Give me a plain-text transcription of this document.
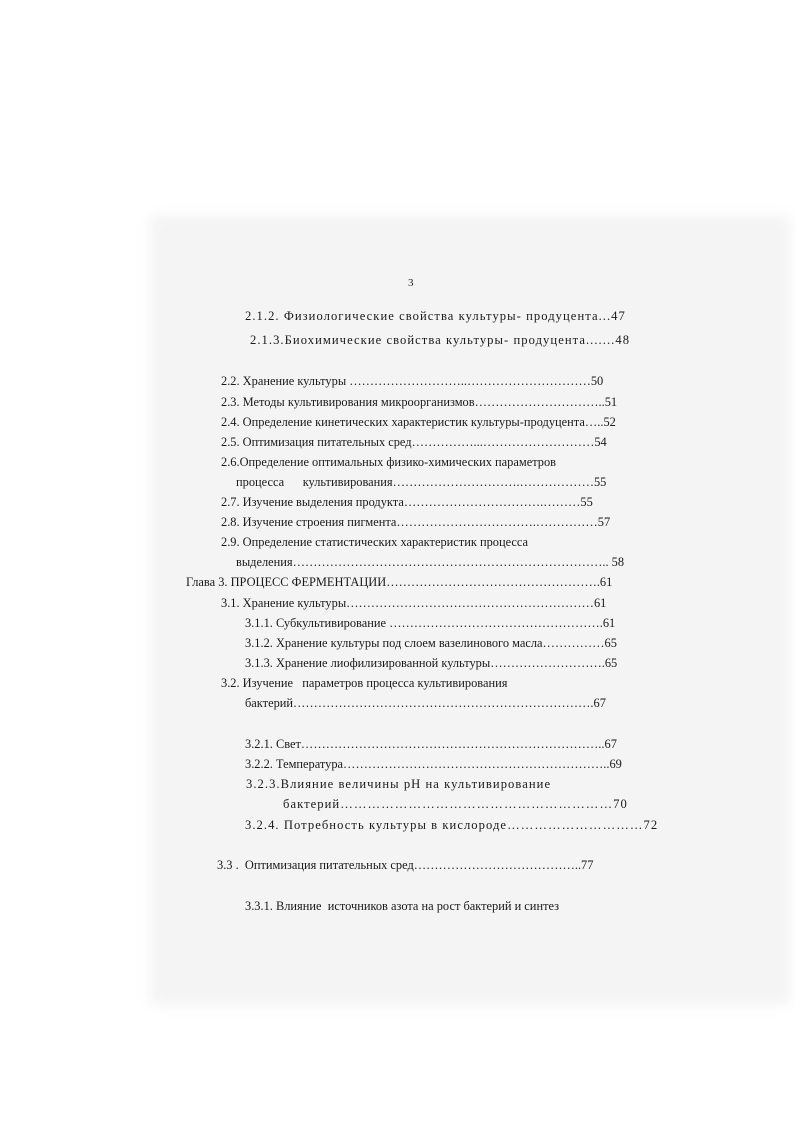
3
2.1.2. Физиологические свойства культуры- продуцента...47
2.1.3.Биохимические свойства культуры- продуцента.......48
2.2. Хранение культуры ………………………..…………………………50
2.3. Методы культивирования микроорганизмов…………………………..51
2.4. Определение кинетических характеристик культуры-продуцента…..52
2.5. Оптимизация питательных сред……………...………………………54
2.6.Определение оптимальных физико-химических параметров
процесса      культивирования………………………….………………55
2.7. Изучение выделения продукта…………………………….………55
2.8. Изучение строения пигмента…………………………….……………57
2.9. Определение статистических характеристик процесса
выделения………………………………………………………………….. 58
Глава 3. ПРОЦЕСС ФЕРМЕНТАЦИИ…………………………………………….61
3.1. Хранение культуры……………………………………………………61
3.1.1. Субкультивирование …………………………………………….61
3.1.2. Хранение культуры под слоем вазелинового масла……………65
3.1.3. Хранение лиофилизированной культуры……………………….65
3.2. Изучение   параметров процесса культивирования
бактерий……………………………………………………………….67
3.2.1. Свет………………………………………………………………..67
3.2.2. Температура………………………………………………………..69
3.2.3.Влияние величины pH на культивирование
бактерий……………………………………………………70
3.2.4. Потребность культуры в кислороде…………………………72
3.3 .  Оптимизация питательных сред…………………………………..77
3.3.1. Влияние  источников азота на рост бактерий и синтез
